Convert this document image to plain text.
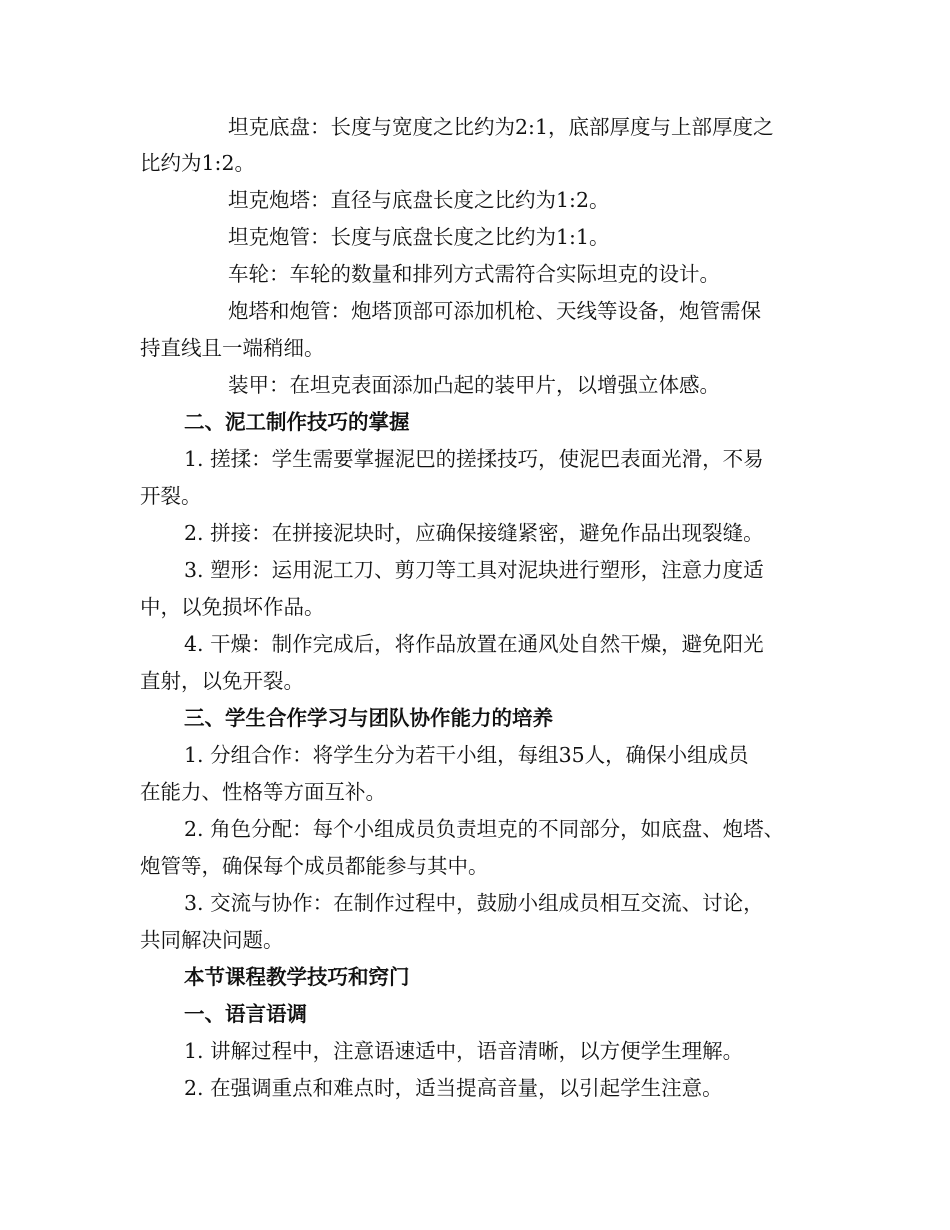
坦克底盘：长度与宽度之比约为2:1，底部厚度与上部厚度之
比约为1:2。
坦克炮塔：直径与底盘长度之比约为1:2。
坦克炮管：长度与底盘长度之比约为1:1。
车轮：车轮的数量和排列方式需符合实际坦克的设计。
炮塔和炮管：炮塔顶部可添加机枪、天线等设备，炮管需保
持直线且一端稍细。
装甲：在坦克表面添加凸起的装甲片，以增强立体感。
二、泥工制作技巧的掌握
1. 搓揉：学生需要掌握泥巴的搓揉技巧，使泥巴表面光滑，不易
开裂。
2. 拼接：在拼接泥块时，应确保接缝紧密，避免作品出现裂缝。
3. 塑形：运用泥工刀、剪刀等工具对泥块进行塑形，注意力度适
中，以免损坏作品。
4. 干燥：制作完成后，将作品放置在通风处自然干燥，避免阳光
直射，以免开裂。
三、学生合作学习与团队协作能力的培养
1. 分组合作：将学生分为若干小组，每组35人，确保小组成员
在能力、性格等方面互补。
2. 角色分配：每个小组成员负责坦克的不同部分，如底盘、炮塔、
炮管等，确保每个成员都能参与其中。
3. 交流与协作：在制作过程中，鼓励小组成员相互交流、讨论，
共同解决问题。
本节课程教学技巧和窍门
一、语言语调
1. 讲解过程中，注意语速适中，语音清晰，以方便学生理解。
2. 在强调重点和难点时，适当提高音量，以引起学生注意。
